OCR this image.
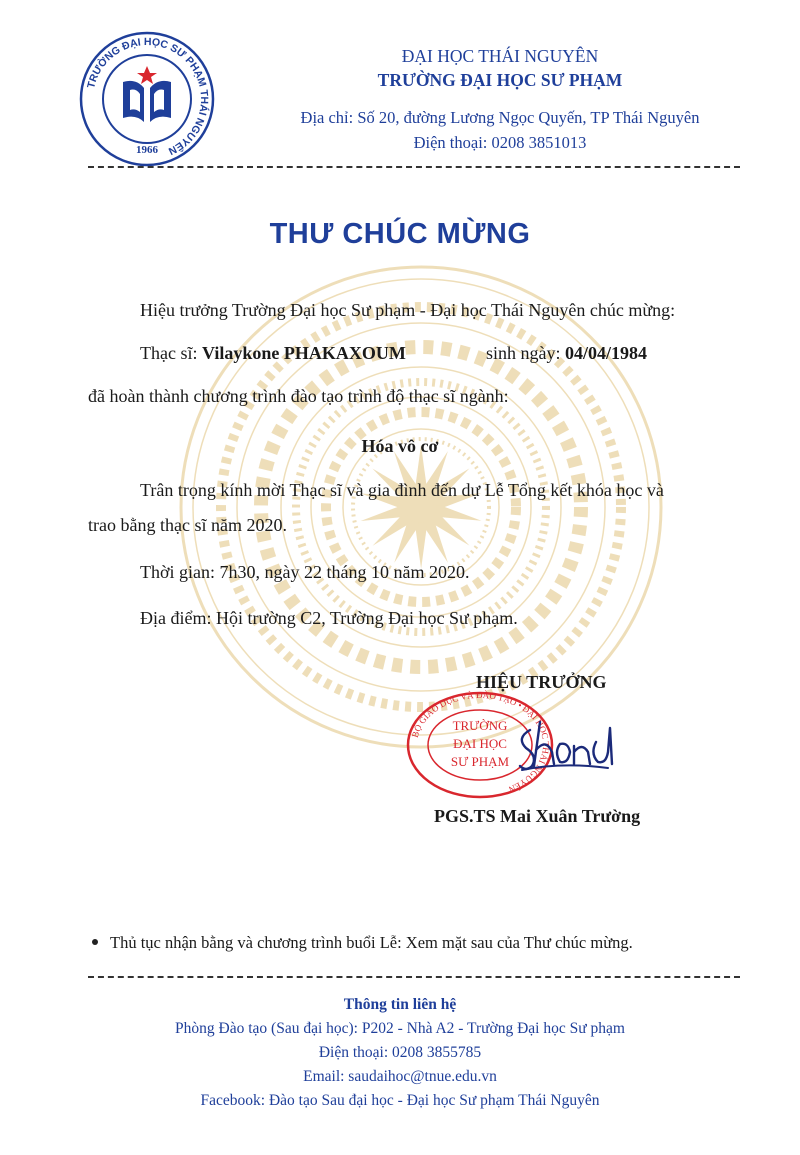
TRƯỜNG ĐẠI HỌC SƯ PHẠM THÁI NGUYÊN
1966
ĐẠI HỌC THÁI NGUYÊN
TRƯỜNG ĐẠI HỌC SƯ PHẠM
Địa chỉ: Số 20, đường Lương Ngọc Quyến, TP Thái Nguyên
Điện thoại: 0208 3851013
THƯ CHÚC MỪNG
Hiệu trưởng Trường Đại học Sư phạm - Đại học Thái Nguyên chúc mừng:
Thạc sĩ: Vilaykone PHAKAXOUM	sinh ngày: 04/04/1984
đã hoàn thành chương trình đào tạo trình độ thạc sĩ ngành:
Hóa vô cơ
Trân trọng kính mời Thạc sĩ và gia đình đến dự Lễ Tổng kết khóa học và
trao bằng thạc sĩ năm 2020.
Thời gian: 7h30, ngày 22 tháng 10 năm 2020.
Địa điểm: Hội trường C2, Trường Đại học Sư phạm.
BỘ GIÁO DỤC VÀ ĐÀO TẠO • ĐẠI HỌC THÁI NGUYÊN
TRƯỜNG
ĐẠI HỌC
SƯ PHẠM
HIỆU TRƯỞNG
PGS.TS Mai Xuân Trường
Thủ tục nhận bằng và chương trình buổi Lễ: Xem mặt sau của Thư chúc mừng.
Thông tin liên hệ
Phòng Đào tạo (Sau đại học): P202 - Nhà A2 - Trường Đại học Sư phạm
Điện thoại: 0208 3855785
Email: saudaihoc@tnue.edu.vn
Facebook: Đào tạo Sau đại học - Đại học Sư phạm Thái Nguyên
